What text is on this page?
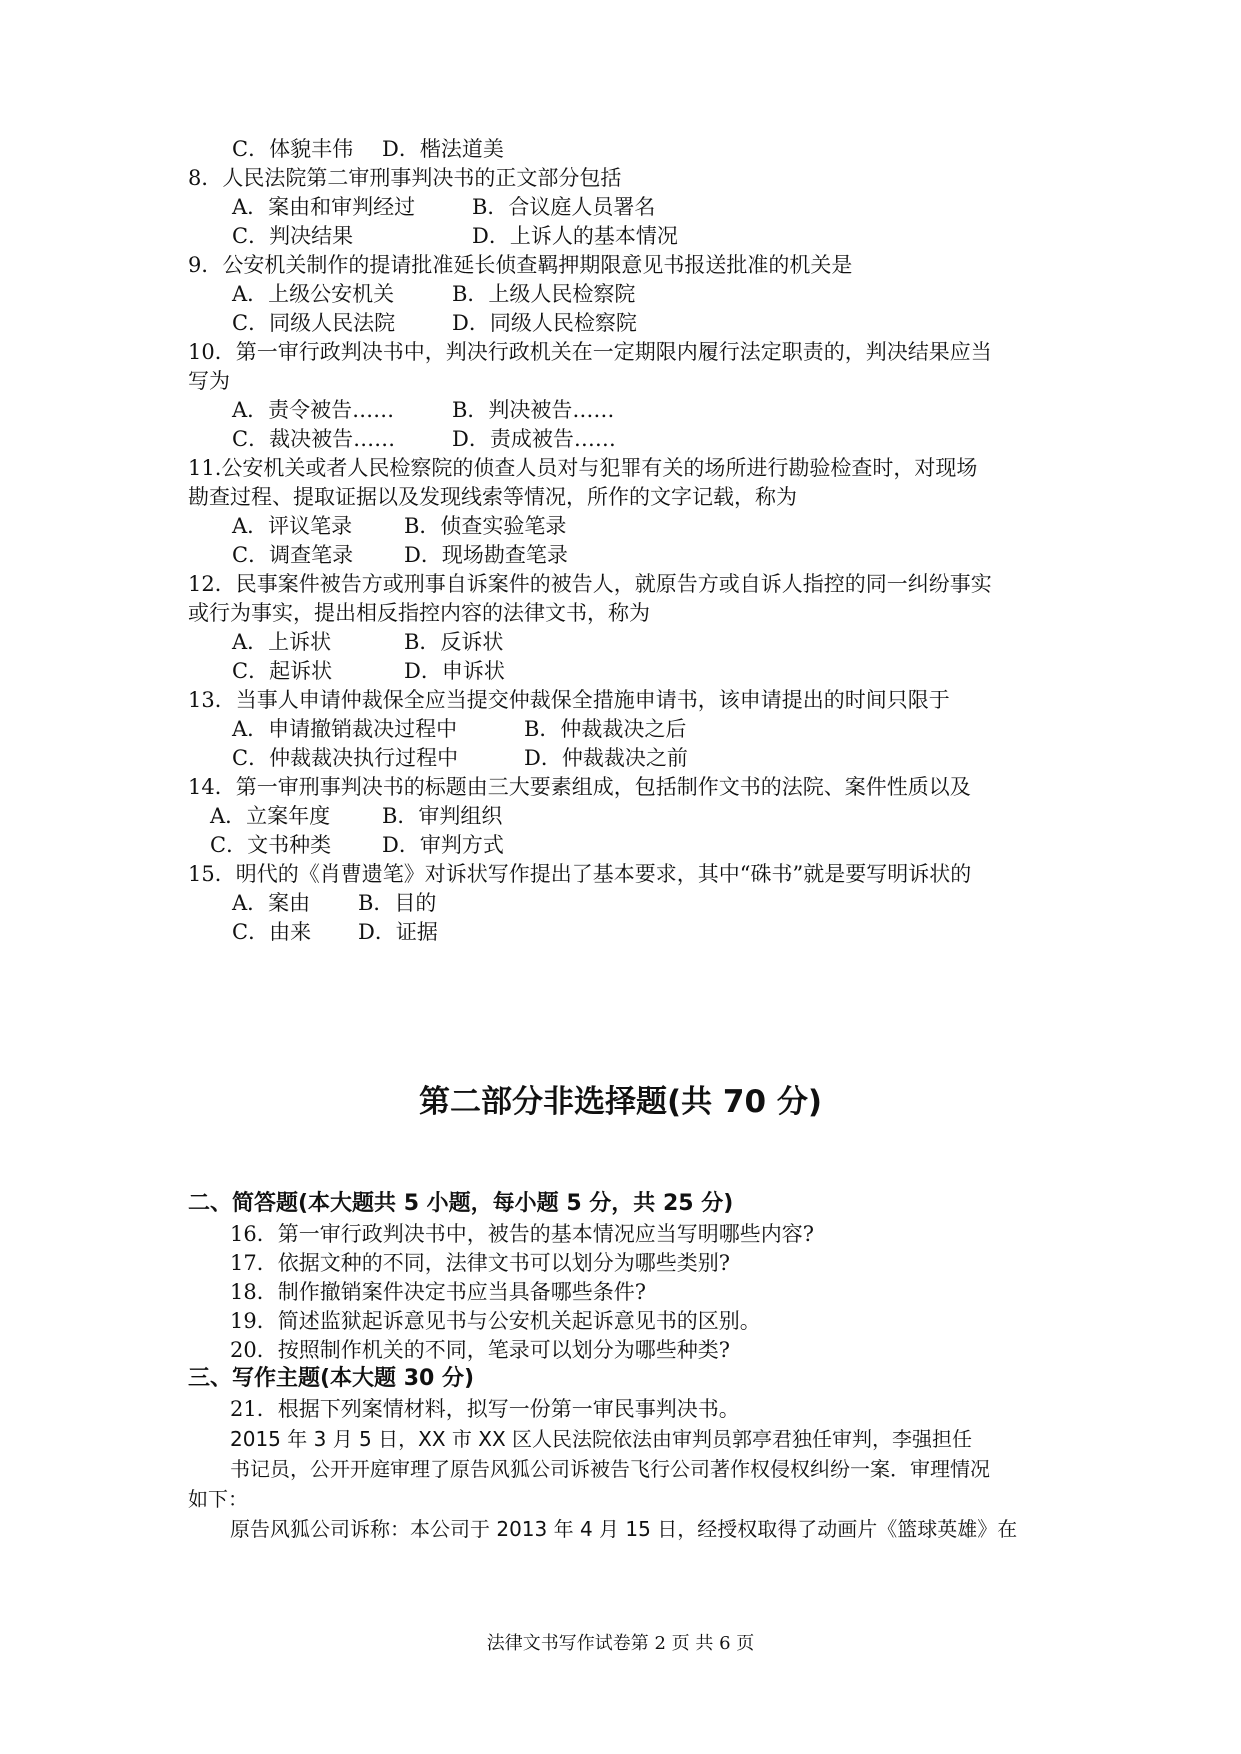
C．体貌丰伟 D．楷法道美
8．人民法院第二审刑事判决书的正文部分包括
A．案由和审判经过	B．合议庭人员署名
C．判决结果	D．上诉人的基本情况
9．公安机关制作的提请批准延长侦查羁押期限意见书报送批准的机关是
A．上级公安机关	B．上级人民检察院
C．同级人民法院	D．同级人民检察院
10．第一审行政判决书中，判决行政机关在一定期限内履行法定职责的，判决结果应当
写为
A．责令被告……	B．判决被告……
C．裁决被告……	D．责成被告……
11.公安机关或者人民检察院的侦查人员对与犯罪有关的场所进行勘验检查时，对现场
勘查过程、提取证据以及发现线索等情况，所作的文字记载，称为
A．评议笔录 B．侦查实验笔录
C．调查笔录 D．现场勘查笔录
12．民事案件被告方或刑事自诉案件的被告人，就原告方或自诉人指控的同一纠纷事实
或行为事实，提出相反指控内容的法律文书，称为
A．上诉状	B．反诉状
C．起诉状	D．申诉状
13．当事人申请仲裁保全应当提交仲裁保全措施申请书，该申请提出的时间只限于
A．申请撤销裁决过程中	B．仲裁裁决之后
C．仲裁裁决执行过程中	D．仲裁裁决之前
14．第一审刑事判决书的标题由三大要素组成，包括制作文书的法院、案件性质以及
A．立案年度 B．审判组织
C．文书种类 D．审判方式
15．明代的《肖曹遗笔》对诉状写作提出了基本要求，其中“硃书”就是要写明诉状的
A．案由 B．目的
C．由来 D．证据
第二部分非选择题(共 70 分)
二、简答题(本大题共 5 小题，每小题 5 分，共 25 分)
16．第一审行政判决书中，被告的基本情况应当写明哪些内容?
17．依据文种的不同，法律文书可以划分为哪些类别?
18．制作撤销案件决定书应当具备哪些条件?
19．简述监狱起诉意见书与公安机关起诉意见书的区别。
20．按照制作机关的不同，笔录可以划分为哪些种类?
三、写作主题(本大题 30 分)
21．根据下列案情材料，拟写一份第一审民事判决书。
2015 年 3 月 5 日，XX 市 XX 区人民法院依法由审判员郭亭君独任审判，李强担任
书记员，公开开庭审理了原告风狐公司诉被告飞行公司著作权侵权纠纷一案．审理情况
如下：
原告风狐公司诉称：本公司于 2013 年 4 月 15 日，经授权取得了动画片《篮球英雄》在
法律文书写作试卷第 2 页 共 6 页
